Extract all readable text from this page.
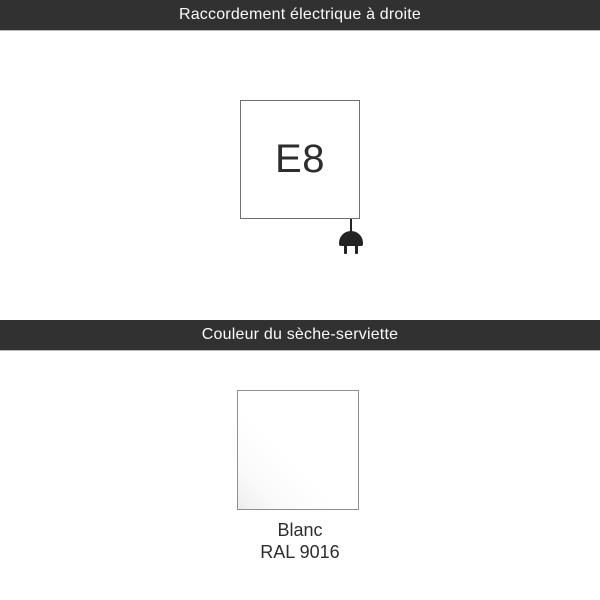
Raccordement électrique à droite
E8
Couleur du sèche-serviette
Blanc
RAL 9016
